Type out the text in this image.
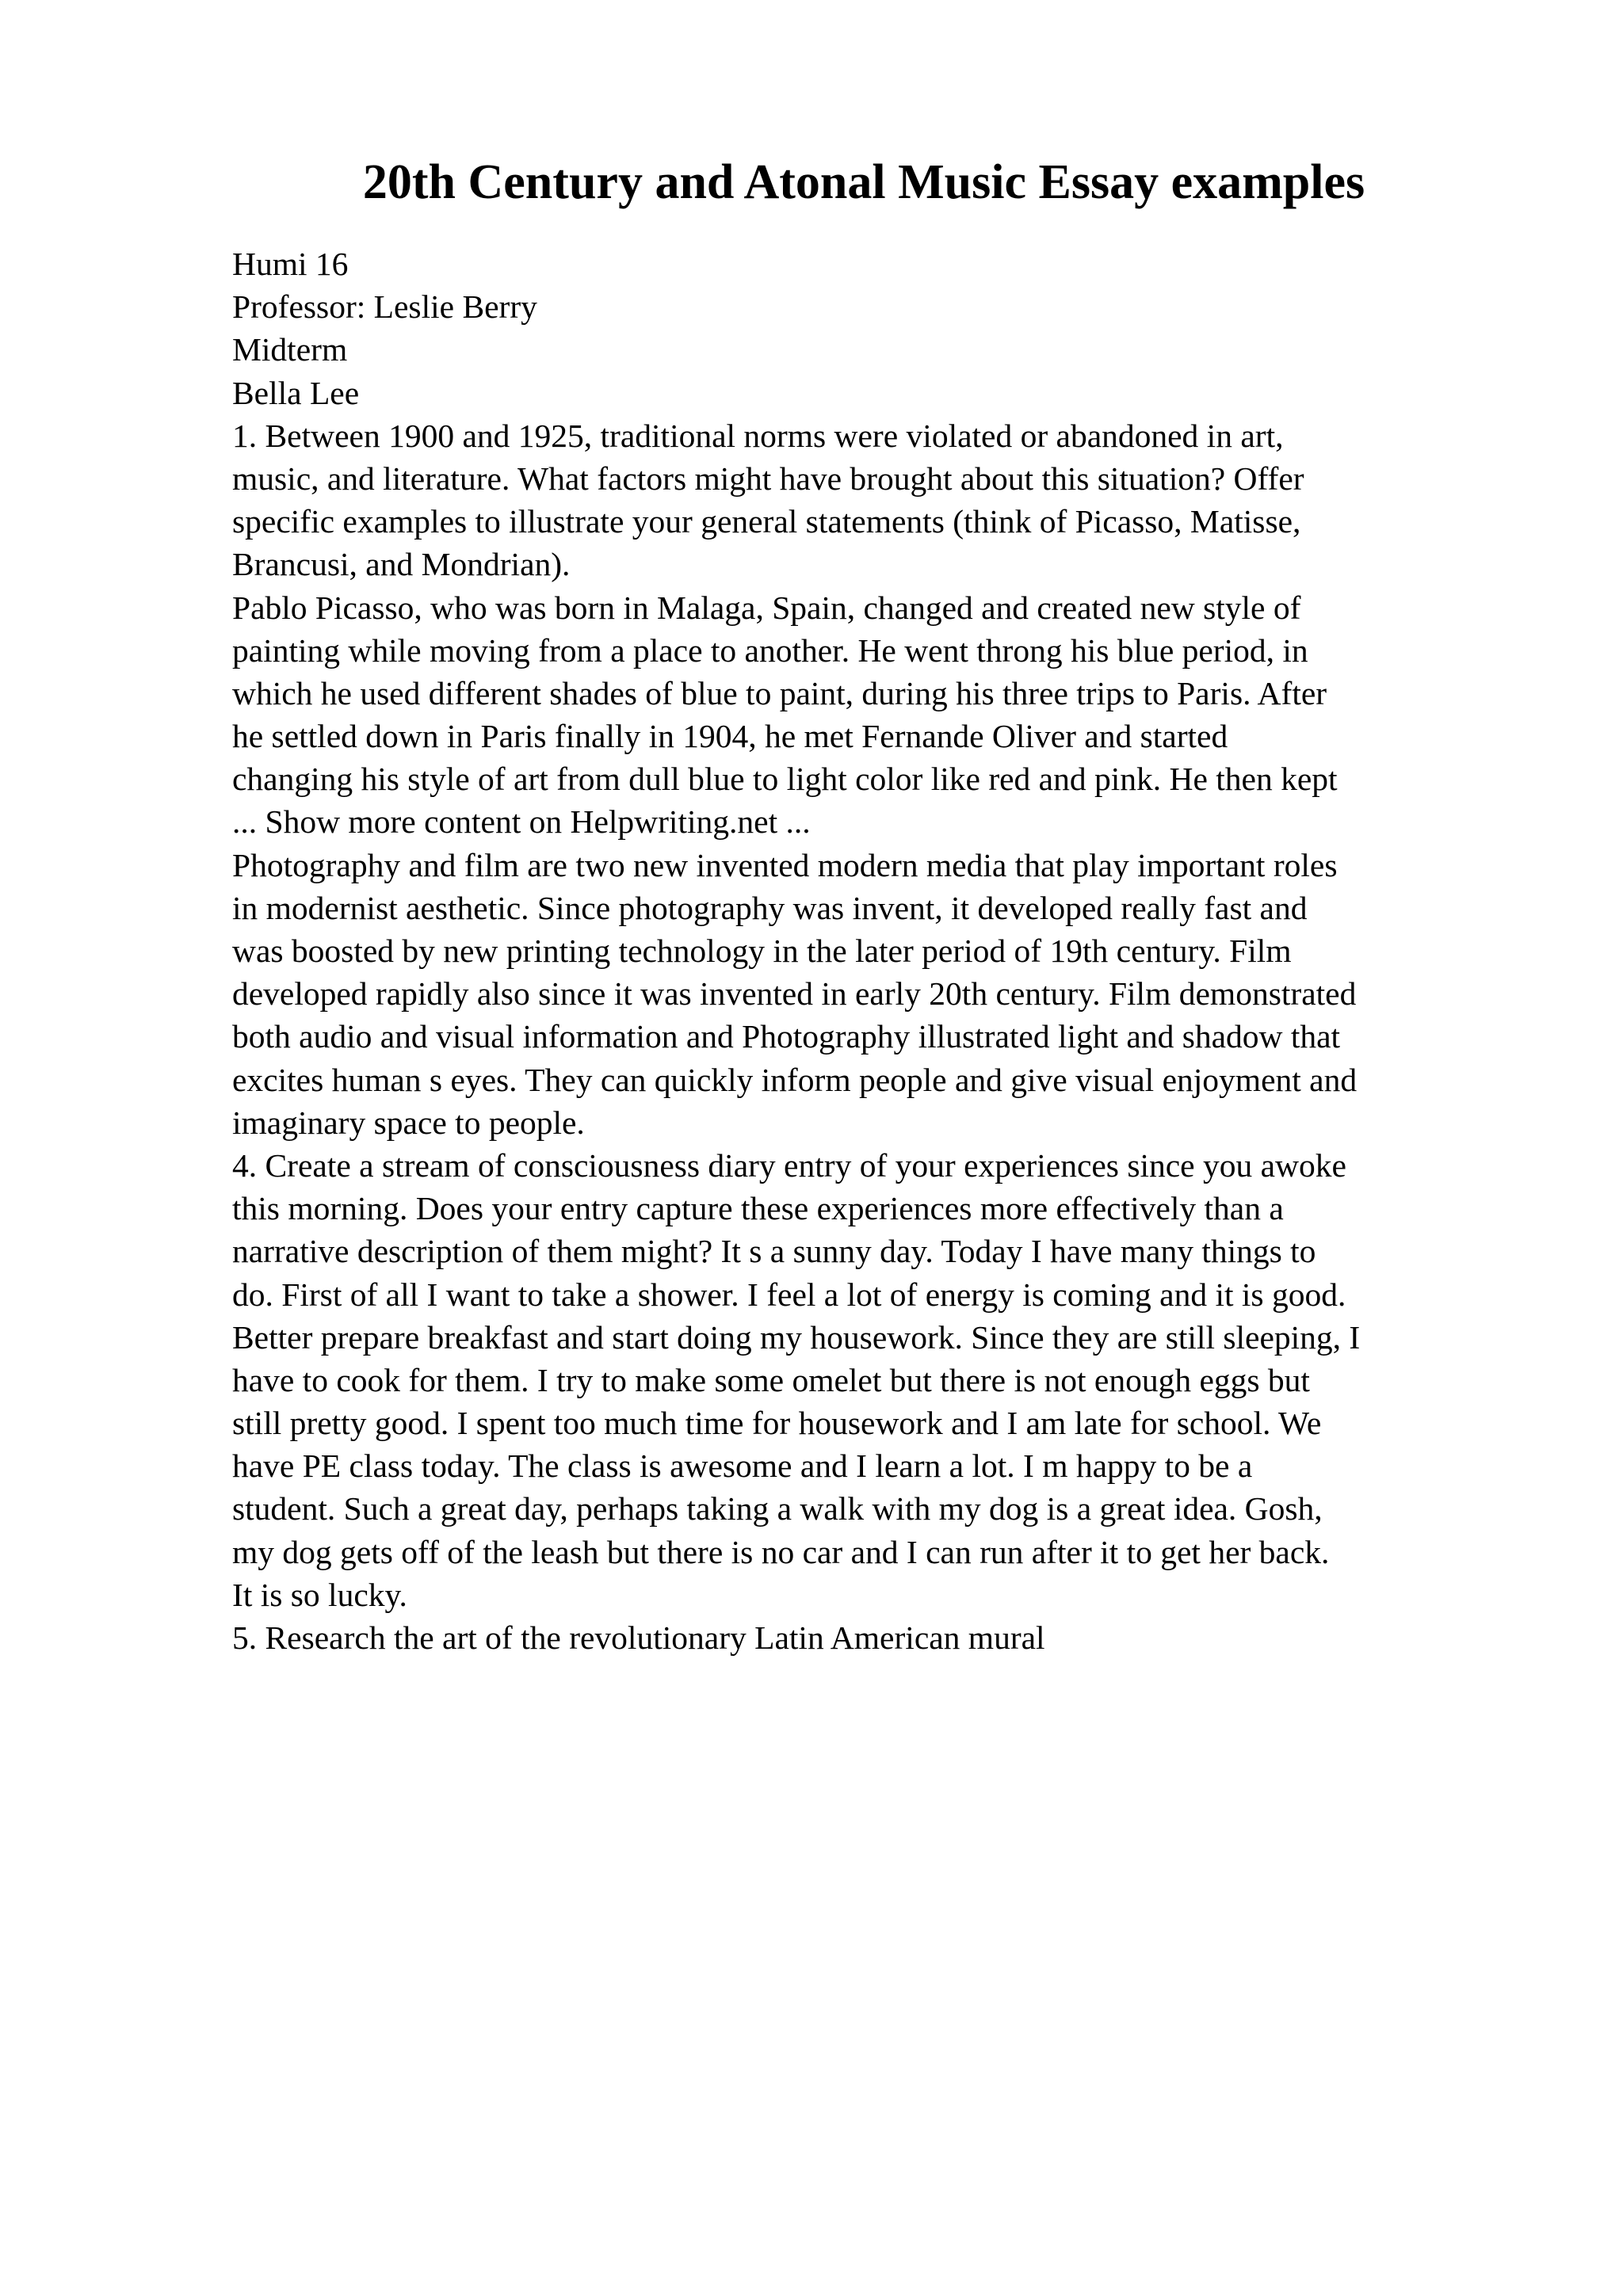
20th Century and Atonal Music Essay examples
Humi 16
Professor: Leslie Berry
Midterm
Bella Lee
1. Between 1900 and 1925, traditional norms were violated or abandoned in art,
music, and literature. What factors might have brought about this situation? Offer
specific examples to illustrate your general statements (think of Picasso, Matisse,
Brancusi, and Mondrian).
Pablo Picasso, who was born in Malaga, Spain, changed and created new style of
painting while moving from a place to another. He went throng his blue period, in
which he used different shades of blue to paint, during his three trips to Paris. After
he settled down in Paris finally in 1904, he met Fernande Oliver and started
changing his style of art from dull blue to light color like red and pink. He then kept
... Show more content on Helpwriting.net ...
Photography and film are two new invented modern media that play important roles
in modernist aesthetic. Since photography was invent, it developed really fast and
was boosted by new printing technology in the later period of 19th century. Film
developed rapidly also since it was invented in early 20th century. Film demonstrated
both audio and visual information and Photography illustrated light and shadow that
excites human s eyes. They can quickly inform people and give visual enjoyment and
imaginary space to people.
4. Create a stream of consciousness diary entry of your experiences since you awoke
this morning. Does your entry capture these experiences more effectively than a
narrative description of them might? It s a sunny day. Today I have many things to
do. First of all I want to take a shower. I feel a lot of energy is coming and it is good.
Better prepare breakfast and start doing my housework. Since they are still sleeping, I
have to cook for them. I try to make some omelet but there is not enough eggs but
still pretty good. I spent too much time for housework and I am late for school. We
have PE class today. The class is awesome and I learn a lot. I m happy to be a
student. Such a great day, perhaps taking a walk with my dog is a great idea. Gosh,
my dog gets off of the leash but there is no car and I can run after it to get her back.
It is so lucky.
5. Research the art of the revolutionary Latin American mural
